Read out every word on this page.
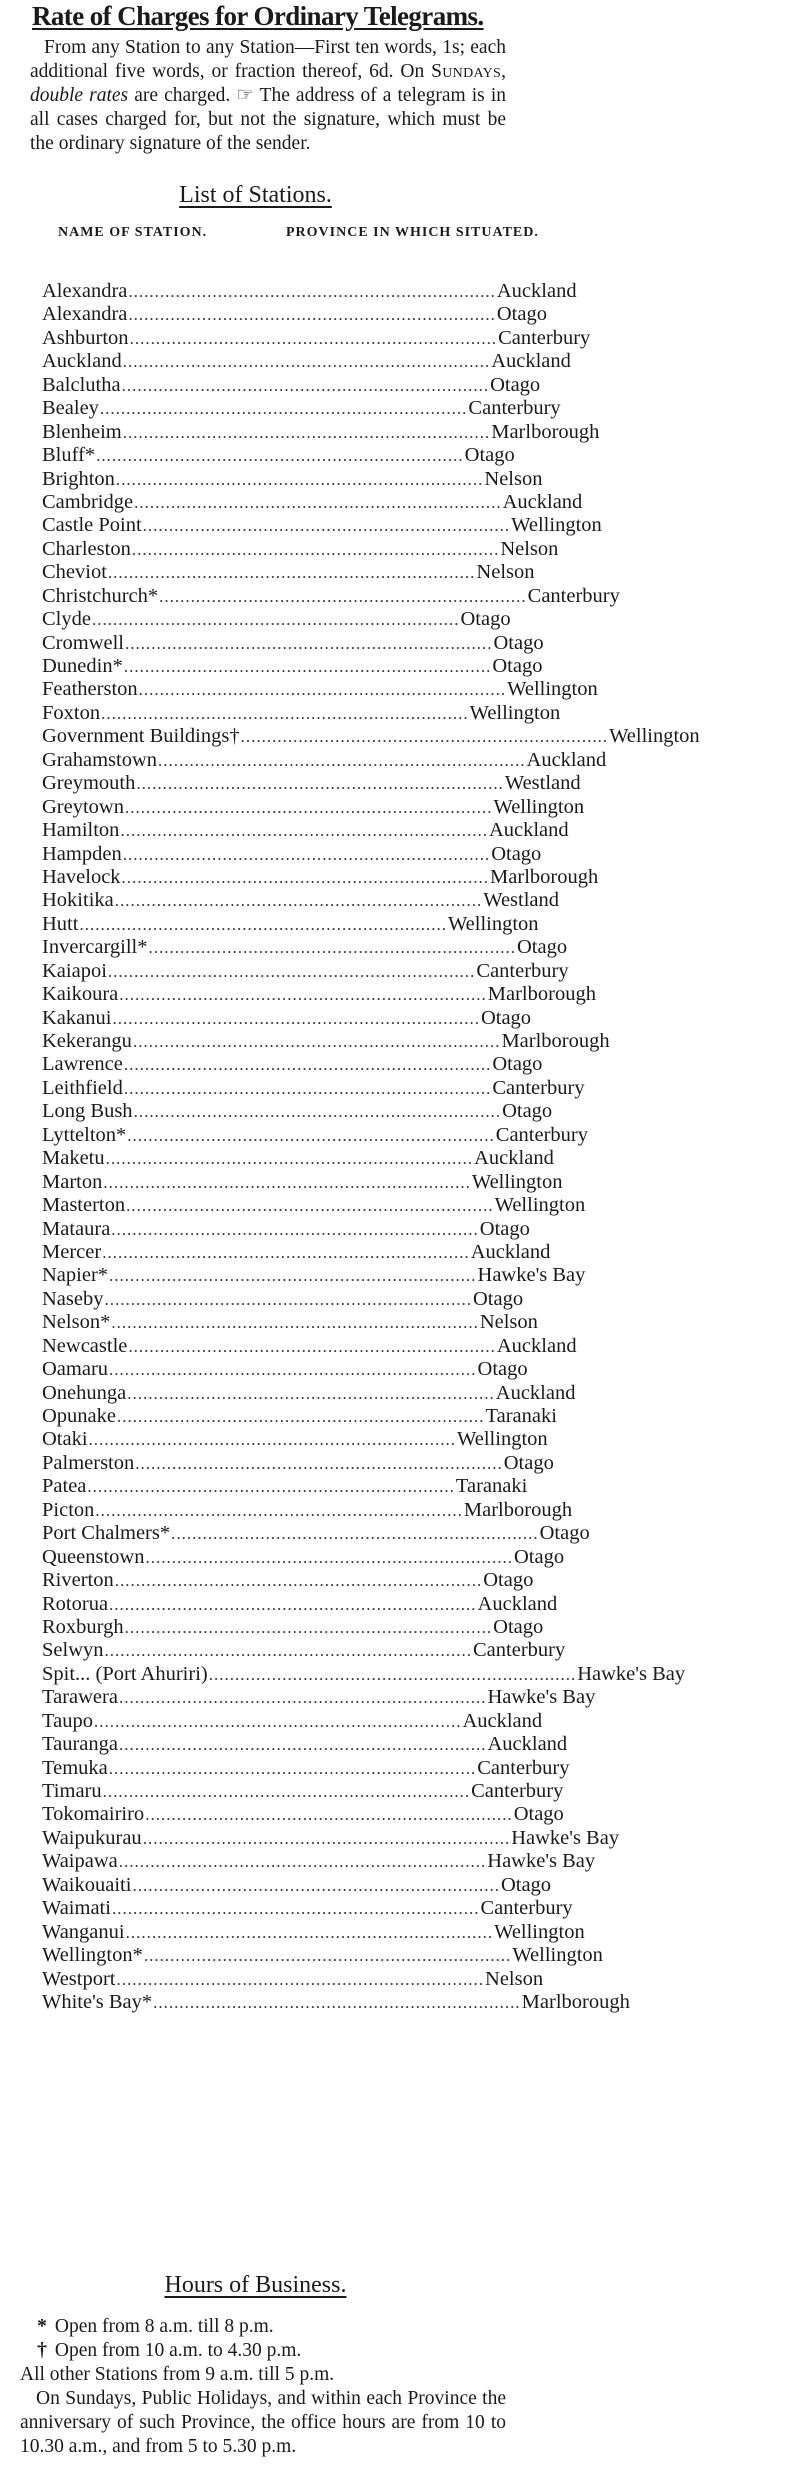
Rate of Charges for Ordinary Telegrams.
From any Station to any Station—First ten words, 1s; each additional five words, or fraction thereof, 6d. On Sundays, double rates are charged. ☞ The address of a telegram is in all cases charged for, but not the signature, which must be the ordinary signature of the sender.
List of Stations.
NAME OF STATION.	PROVINCE IN WHICH SITUATED.
Alexandra .....	Auckland
Alexandra .....	Otago
Ashburton .....	Canterbury
Auckland .....	Auckland
Balclutha .....	Otago
Bealey .....	Canterbury
Blenheim .....	Marlborough
Bluff* .....	Otago
Brighton .....	Nelson
Cambridge .....	Auckland
Castle Point .....	Wellington
Charleston .....	Nelson
Cheviot .....	Nelson
Christchurch* .....	Canterbury
Clyde .....	Otago
Cromwell .....	Otago
Dunedin* .....	Otago
Featherston .....	Wellington
Foxton .....	Wellington
Government Buildings† .....	Wellington
Grahamstown .....	Auckland
Greymouth .....	Westland
Greytown .....	Wellington
Hamilton .....	Auckland
Hampden .....	Otago
Havelock .....	Marlborough
Hokitika .....	Westland
Hutt .....	Wellington
Invercargill* .....	Otago
Kaiapoi .....	Canterbury
Kaikoura .....	Marlborough
Kakanui .....	Otago
Kekerangu .....	Marlborough
Lawrence .....	Otago
Leithfield .....	Canterbury
Long Bush .....	Otago
Lyttelton* .....	Canterbury
Maketu .....	Auckland
Marton .....	Wellington
Masterton .....	Wellington
Mataura .....	Otago
Mercer .....	Auckland
Napier* .....	Hawke's Bay
Naseby .....	Otago
Nelson* .....	Nelson
Newcastle .....	Auckland
Oamaru .....	Otago
Onehunga .....	Auckland
Opunake .....	Taranaki
Otaki .....	Wellington
Palmerston .....	Otago
Patea .....	Taranaki
Picton .....	Marlborough
Port Chalmers* .....	Otago
Queenstown .....	Otago
Riverton .....	Otago
Rotorua .....	Auckland
Roxburgh .....	Otago
Selwyn .....	Canterbury
Spit... (Port Ahuriri) .....	Hawke's Bay
Tarawera .....	Hawke's Bay
Taupo .....	Auckland
Tauranga .....	Auckland
Temuka .....	Canterbury
Timaru .....	Canterbury
Tokomairiro .....	Otago
Waipukurau .....	Hawke's Bay
Waipawa .....	Hawke's Bay
Waikouaiti .....	Otago
Waimati .....	Canterbury
Wanganui .....	Wellington
Wellington* .....	Wellington
Westport .....	Nelson
White's Bay* .....	Marlborough
Hours of Business.
* Open from 8 a.m. till 8 p.m.
† Open from 10 a.m. to 4.30 p.m.
All other Stations from 9 a.m. till 5 p.m.
On Sundays, Public Holidays, and within each Province the anniversary of such Province, the office hours are from 10 to 10.30 a.m., and from 5 to 5.30 p.m.
